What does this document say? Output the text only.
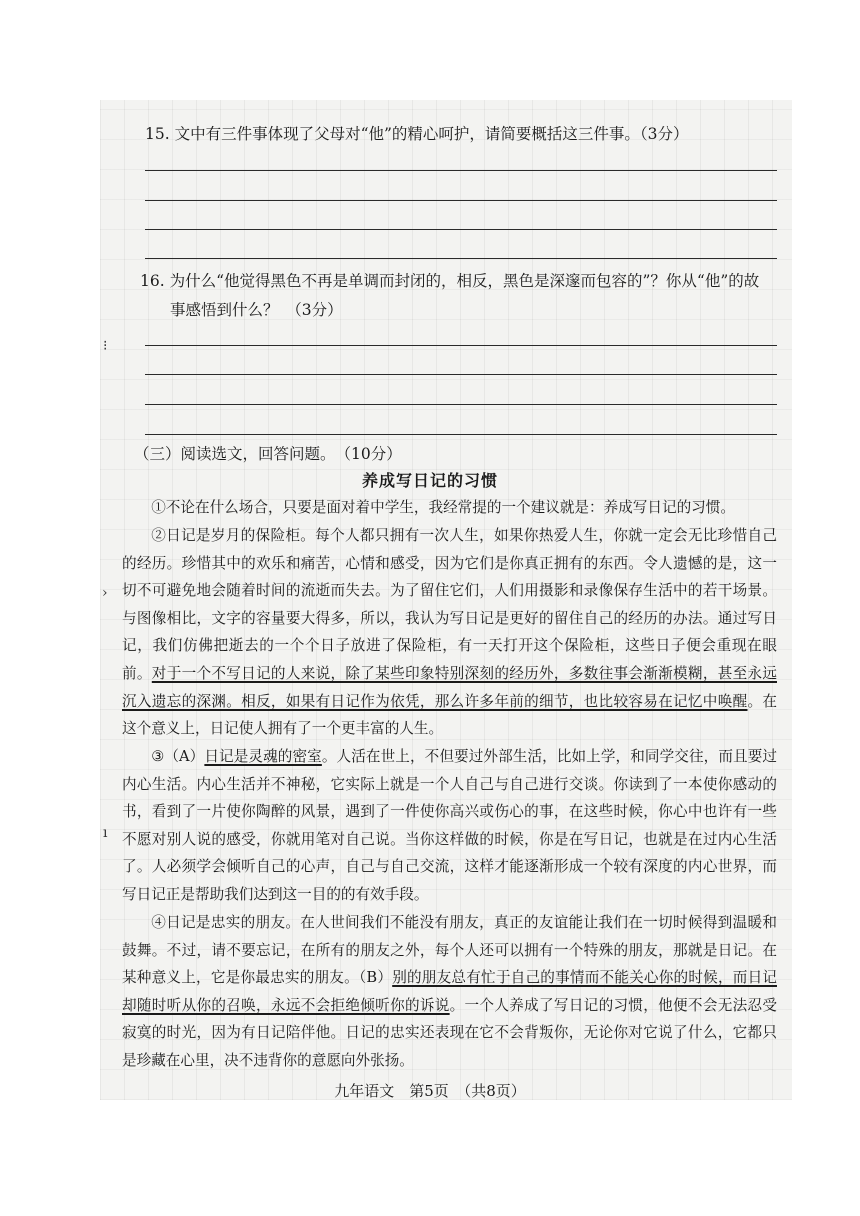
15. 文中有三件事体现了父母对“他”的精心呵护，请简要概括这三件事。（3分）
16. 为什么“他觉得黑色不再是单调而封闭的，相反，黑色是深邃而包容的”？你从“他”的故
事感悟到什么？　（3分）
⁝
›
ı
（三）阅读选文，回答问题。　（10分）
养成写日记的习惯
①不论在什么场合，只要是面对着中学生，我经常提的一个建议就是：养成写日记的习惯。
②日记是岁月的保险柜。每个人都只拥有一次人生，如果你热爱人生，你就一定会无比珍惜自己的经历。珍惜其中的欢乐和痛苦，心情和感受，因为它们是你真正拥有的东西。令人遗憾的是，这一切不可避免地会随着时间的流逝而失去。为了留住它们，人们用摄影和录像保存生活中的若干场景。与图像相比，文字的容量要大得多，所以，我认为写日记是更好的留住自己的经历的办法。通过写日记，我们仿佛把逝去的一个个日子放进了保险柜，有一天打开这个保险柜，这些日子便会重现在眼前。对于一个不写日记的人来说，除了某些印象特别深刻的经历外，多数往事会渐渐模糊，甚至永远沉入遗忘的深渊。相反，如果有日记作为依凭，那么许多年前的细节，也比较容易在记忆中唤醒。在这个意义上，日记使人拥有了一个更丰富的人生。
③（A）日记是灵魂的密室。人活在世上，不但要过外部生活，比如上学，和同学交往，而且要过内心生活。内心生活并不神秘，它实际上就是一个人自己与自己进行交谈。你读到了一本使你感动的书，看到了一片使你陶醉的风景，遇到了一件使你高兴或伤心的事，在这些时候，你心中也许有一些不愿对别人说的感受，你就用笔对自己说。当你这样做的时候，你是在写日记，也就是在过内心生活了。人必须学会倾听自己的心声，自己与自己交流，这样才能逐渐形成一个较有深度的内心世界，而写日记正是帮助我们达到这一目的的有效手段。
④日记是忠实的朋友。在人世间我们不能没有朋友，真正的友谊能让我们在一切时候得到温暖和鼓舞。不过，请不要忘记，在所有的朋友之外，每个人还可以拥有一个特殊的朋友，那就是日记。在某种意义上，它是你最忠实的朋友。（B）别的朋友总有忙于自己的事情而不能关心你的时候，而日记却随时听从你的召唤，永远不会拒绝倾听你的诉说。一个人养成了写日记的习惯，他便不会无法忍受寂寞的时光，因为有日记陪伴他。日记的忠实还表现在它不会背叛你，无论你对它说了什么，它都只是珍藏在心里，决不违背你的意愿向外张扬。
九年语文　第5页　（共8页）
